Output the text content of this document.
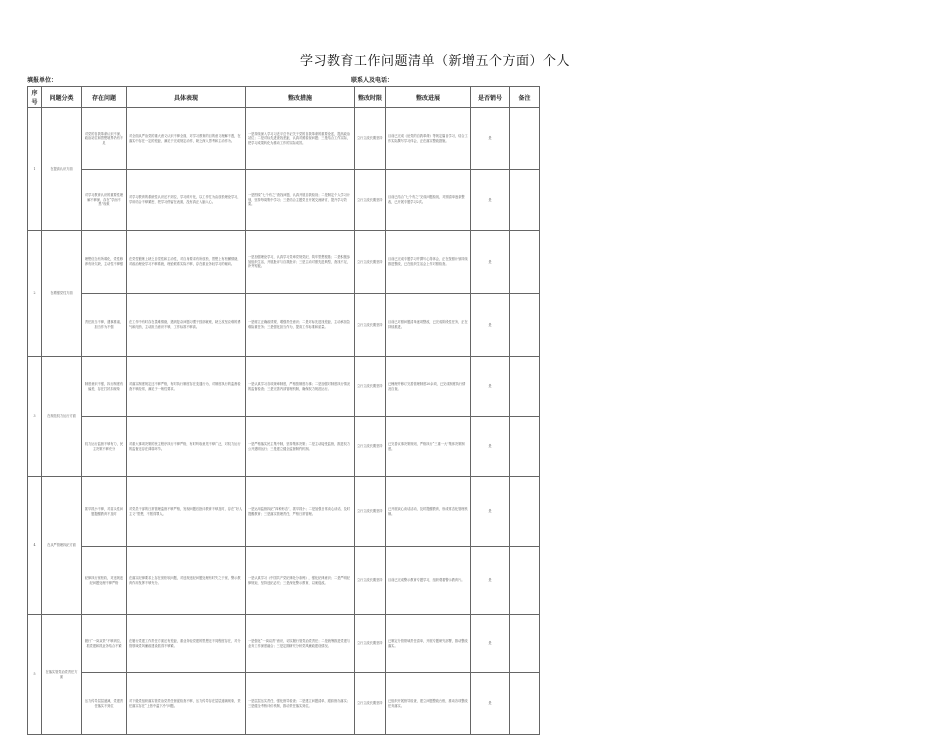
学习教育工作问题清单（新增五个方面）个人
填报单位：	联系人及电话：
序号	问题分类	存在问题	具体表现	整改措施	整改时限	整改进展	是否销号	备注
1	在提高认识方面	对党的自我革命认识不深，政治站位和思想境界仍有不足	对全面从严治党的重大意义认识不够全面，对学习教育的目的意义理解不透，在落实中存在一定的差距，满足于完成规定动作，缺乏深入思考和主动作为。	一是持续深入学习习近平总书记关于党的自我革命的重要论述，提高政治站位；二是对标先进查找差距，认真对照检视问题；三是结合工作实际，把学习成果转化为推动工作的实际成效。	立行立改长期坚持	目前已完成《论党的自我革命》等规定篇目学习，结合工作实际撰写学习体会，正在落实整改措施。	是	
		对学习教育认识的重要性理解不够深，存在“学而不思”现象	对学习教育的系统性认识还不到位，学习碎片化，以工作忙为由放松理论学习，学用结合不够紧密，把学习停留在表面，没有真正入脑入心。	一是围绕“七个有之”查找问题，认真开展自我检视；二是制定个人学习计划，坚持每周集中学习；三是结合主题党日开展交流研讨，提升学习效果。	立行立改长期坚持	目前已结合“七个有之”完成问题检视，对照清单逐条整改，已开展专题学习2次。	是	
2	在增强党性方面	理想信念有所弱化，党性修养有所欠缺，主动性不够强	在党性锻炼上缺乏自觉性和主动性，对自身要求有所放松，思想上有松懈情绪，对政治理论学习不够系统，理论联系实际不够，存在重业务轻学习的倾向。	一是加强理论学习，认真学习党章党规党纪，筑牢思想根基；二是积极参加组织生活，开展批评与自我批评；三是主动对照先进典型，查找不足，补齐短板。	立行立改长期坚持	目前已完成专题学习并撰写心得体会，正在按照计划持续推进整改，已在组织生活会上作对照检查。	是	
		责任担当不够，遇事推诿，担当作为不强	在工作中有时存在畏难情绪，遇到复杂问题习惯于按部就班，缺乏攻坚克难的勇气和闯劲，主动担当意识不够，工作标准不够高。	一是树立正确政绩观，增强责任意识；二是对标先进找差距，主动承担急难险重任务；三是强化担当作为，提高工作标准和质量。	立行立改长期坚持	目前已对照问题清单逐项整改，已完成阶段性任务，正在持续推进。	是	
3	在规范权力运行方面	制度意识不强，执行制度有偏差，存在打折扣现象	对落实制度规定还不够严格，有时执行制度存在变通行为，对制度执行的监督检查不够经常，满足于一般性要求。	一是认真学习各项规章制度，严格按制度办事；二是加强对制度执行情况的监督检查；三是完善内部管理机制，确保权力规范运行。	立行立改长期坚持	已梳理并修订完善管理制度20余项，已完成制度执行情况自查。	是	
		权力运行监督不够有力，民主决策不够充分	对重大事项决策的民主程序执行不够严格，有时听取意见不够广泛，对权力运行的监督还存在薄弱环节。	一是严格落实民主集中制，坚持集体决策；二是主动接受监督，推进权力公开透明运行；三是建立健全监督制约机制。	立行立改长期坚持	已完善议事决策规则，严格执行“三重一大”集体决策制度。	是	
4	在从严管理执纪方面	抓早抓小不够，对苗头性问题提醒教育不及时	对党员干部的日常管理监督不够严格，发现问题后批评教育不够及时，存在“好人主义”思想，不愿得罪人。	一是运用监督执纪“四种形态”，抓早抓小；二是加强日常谈心谈话，及时提醒教育；三是落实管理责任，严格日常管理。	立行立改长期坚持	已开展谈心谈话活动，及时提醒教育，形成常态化管理机制。	是	
		纪律执行宽松软，对违规违纪问题处理不够严格	在落实纪律要求上存在宽松软问题，对违规违纪问题处理有时失之于宽，警示教育作用发挥不够充分。	一是认真学习《中国共产党纪律处分条例》，强化纪律意识；二是严明纪律规矩，坚持违纪必究；三是深化警示教育，以案促改。	立行立改长期坚持	目前已完成警示教育专题学习，组织观看警示教育片。	是	
5	在落实管党治党责任方面	履行“一岗双责”不够到位，抓党建和抓业务结合不紧	在履行党建工作责任方面还有差距，重业务轻党建的思想还不同程度存在，对分管领域党风廉政建设抓得不够紧。	一是强化“一岗双责”意识，切实履行管党治党责任；二是统筹推进党建与业务工作深度融合；三是定期研究分析党风廉政建设情况。	立行立改长期坚持	已制定分管领域责任清单，开展专题研究部署，推动整改落实。	是	
		压力传导层层递减，党建责任落实不到位	对下级党组织落实管党治党责任督促检查不够，压力传导存在层层递减现象，责任落实存在“上热中温下冷”问题。	一是层层压实责任，强化督导检查；二是建立问题清单，跟踪督办落实；三是健全考核评价机制，推动责任落实到位。	立行立改长期坚持	已组织开展督导检查，建立问题整改台账，推动各项整改任务落实。	是	
